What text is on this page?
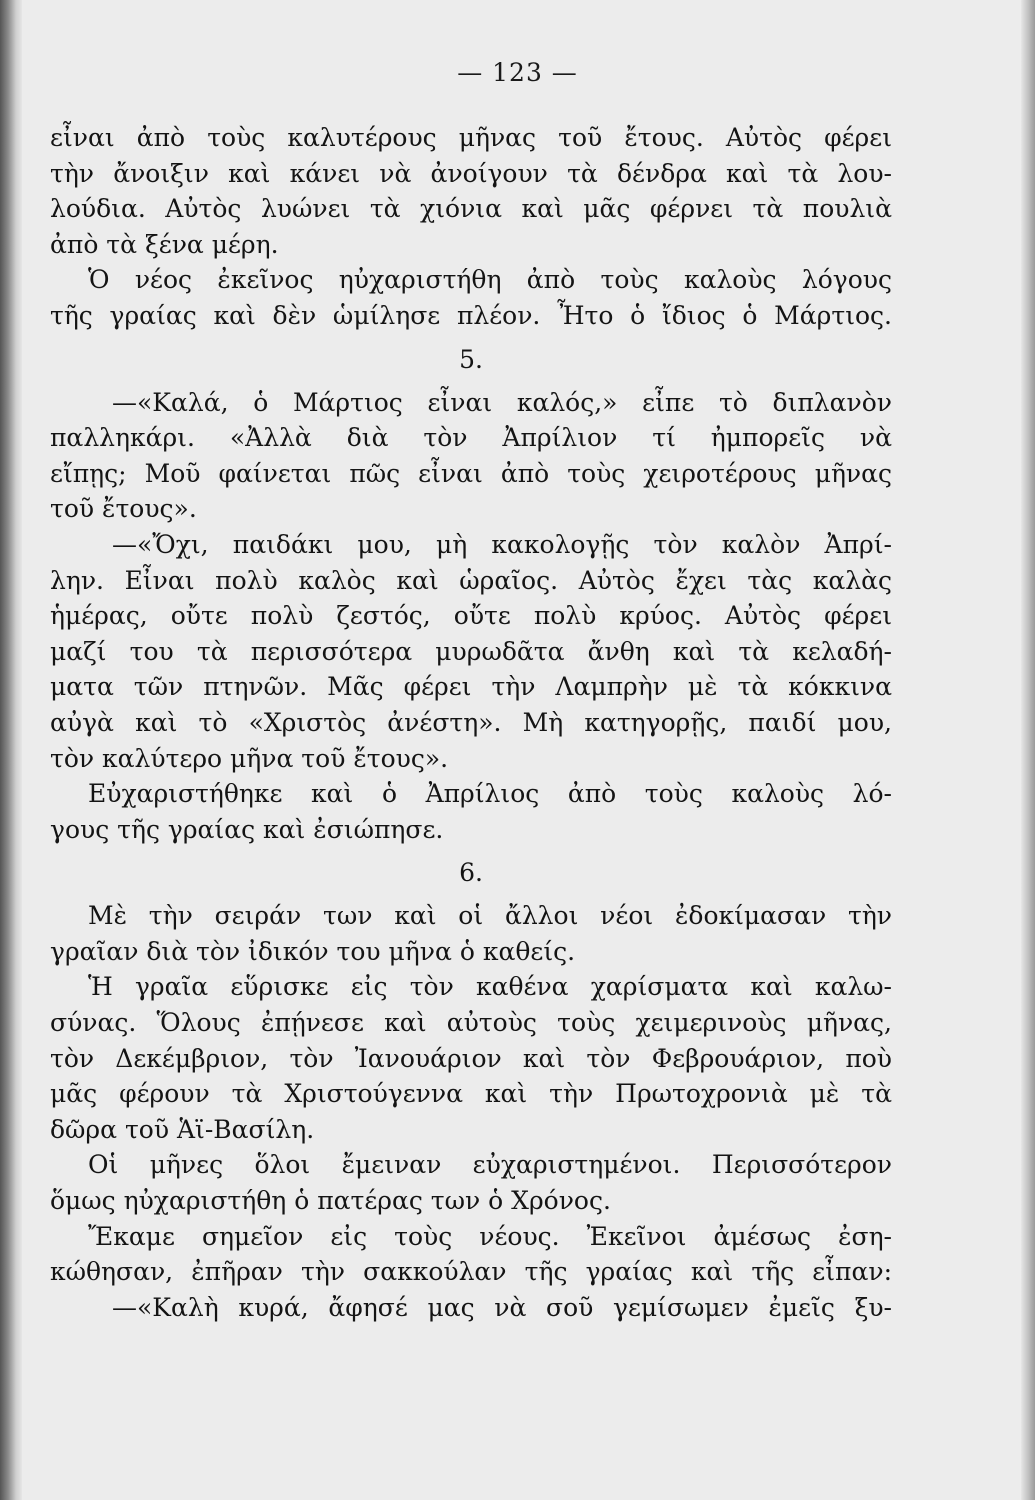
— 123 —
εἶναι ἀπὸ τοὺς καλυτέρους μῆνας τοῦ ἔτους. Αὐτὸς φέρει
τὴν ἄνοιξιν καὶ κάνει νὰ ἀνοίγουν τὰ δένδρα καὶ τὰ λου-
λούδια. Αὐτὸς λυώνει τὰ χιόνια καὶ μᾶς φέρνει τὰ πουλιὰ
ἀπὸ τὰ ξένα μέρη.
Ὁ νέος ἐκεῖνος ηὐχαριστήθη ἀπὸ τοὺς καλοὺς λόγους
τῆς γραίας καὶ δὲν ὡμίλησε πλέον. Ἦτο ὁ ἴδιος ὁ Μάρτιος.
5.
—«Καλά, ὁ Μάρτιος εἶναι καλός,» εἶπε τὸ διπλανὸν
παλληκάρι. «Ἀλλὰ διὰ τὸν Ἀπρίλιον τί ἠμπορεῖς νὰ
εἴπῃς; Μοῦ φαίνεται πῶς εἶναι ἀπὸ τοὺς χειροτέρους μῆνας
τοῦ ἔτους».
—«Ὄχι, παιδάκι μου, μὴ κακολογῇς τὸν καλὸν Ἀπρί-
λην. Εἶναι πολὺ καλὸς καὶ ὡραῖος. Αὐτὸς ἔχει τὰς καλὰς
ἡμέρας, οὔτε πολὺ ζεστός, οὔτε πολὺ κρύος. Αὐτὸς φέρει
μαζί του τὰ περισσότερα μυρωδᾶτα ἄνθη καὶ τὰ κελαδή-
ματα τῶν πτηνῶν. Μᾶς φέρει τὴν Λαμπρὴν μὲ τὰ κόκκινα
αὐγὰ καὶ τὸ «Χριστὸς ἀνέστη». Μὴ κατηγορῇς, παιδί μου,
τὸν καλύτερο μῆνα τοῦ ἔτους».
Εὐχαριστήθηκε καὶ ὁ Ἀπρίλιος ἀπὸ τοὺς καλοὺς λό-
γους τῆς γραίας καὶ ἐσιώπησε.
6.
Μὲ τὴν σειράν των καὶ οἱ ἄλλοι νέοι ἐδοκίμασαν τὴν
γραῖαν διὰ τὸν ἰδικόν του μῆνα ὁ καθείς.
Ἡ γραῖα εὕρισκε εἰς τὸν καθένα χαρίσματα καὶ καλω-
σύνας. Ὅλους ἐπῄνεσε καὶ αὐτοὺς τοὺς χειμερινοὺς μῆνας,
τὸν Δεκέμβριον, τὸν Ἰανουάριον καὶ τὸν Φεβρουάριον, ποὺ
μᾶς φέρουν τὰ Χριστούγεννα καὶ τὴν Πρωτοχρονιὰ μὲ τὰ
δῶρα τοῦ Ἁϊ-Βασίλη.
Οἱ μῆνες ὅλοι ἔμειναν εὐχαριστημένοι. Περισσότερον
ὅμως ηὐχαριστήθη ὁ πατέρας των ὁ Χρόνος.
Ἔκαμε σημεῖον εἰς τοὺς νέους. Ἐκεῖνοι ἀμέσως ἐση-
κώθησαν, ἐπῆραν τὴν σακκούλαν τῆς γραίας καὶ τῆς εἶπαν:
—«Καλὴ κυρά, ἄφησέ μας νὰ σοῦ γεμίσωμεν ἐμεῖς ξυ-
